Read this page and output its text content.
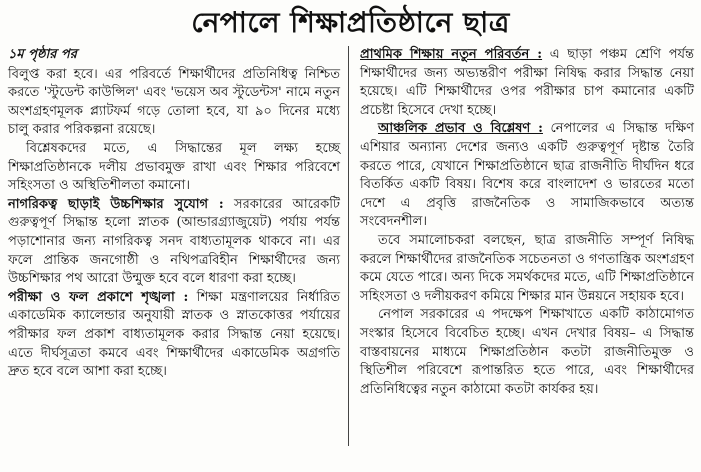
নেপালে শিক্ষাপ্রতিষ্ঠানে ছাত্র
১ম পৃষ্ঠার পর

বিলুপ্ত করা হবে। এর পরিবর্তে শিক্ষার্থীদের প্রতিনিধিত্ব নিশ্চিত করতে 'স্টুডেন্ট কাউন্সিল' এবং 'ভয়েস অব স্টুডেন্টস' নামে নতুন অংশগ্রহণমূলক প্ল্যাটফর্ম গড়ে তোলা হবে, যা ৯০ দিনের মধ্যে চালু করার পরিকল্পনা রয়েছে।

বিশ্লেষকদের মতে, এ সিদ্ধান্তের মূল লক্ষ্য হচ্ছে শিক্ষাপ্রতিষ্ঠানকে দলীয় প্রভাবমুক্ত রাখা এবং শিক্ষার পরিবেশে সহিংসতা ও অস্থিতিশীলতা কমানো।

নাগরিকত্ব ছাড়াই উচ্চশিক্ষার সুযোগ : সরকারের আরেকটি গুরুত্বপূর্ণ সিদ্ধান্ত হলো স্নাতক (আন্ডারগ্র্যাজুয়েট) পর্যায় পর্যন্ত পড়াশোনার জন্য নাগরিকত্ব সনদ বাধ্যতামূলক থাকবে না। এর ফলে প্রান্তিক জনগোষ্ঠী ও নথিপত্রবিহীন শিক্ষার্থীদের জন্য উচ্চশিক্ষার পথ আরো উন্মুক্ত হবে বলে ধারণা করা হচ্ছে।

পরীক্ষা ও ফল প্রকাশে শৃঙ্খলা : শিক্ষা মন্ত্রণালয়ের নির্ধারিত একাডেমিক ক্যালেন্ডার অনুযায়ী স্নাতক ও স্নাতকোত্তর পর্যায়ের পরীক্ষার ফল প্রকাশ বাধ্যতামূলক করার সিদ্ধান্ত নেয়া হয়েছে। এতে দীর্ঘসূত্রতা কমবে এবং শিক্ষার্থীদের একাডেমিক অগ্রগতি দ্রুত হবে বলে আশা করা হচ্ছে।

প্রাথমিক শিক্ষায় নতুন পরিবর্তন : এ ছাড়া পঞ্চম শ্রেণি পর্যন্ত শিক্ষার্থীদের জন্য অভ্যন্তরীণ পরীক্ষা নিষিদ্ধ করার সিদ্ধান্ত নেয়া হয়েছে। এটি শিক্ষার্থীদের ওপর পরীক্ষার চাপ কমানোর একটি প্রচেষ্টা হিসেবে দেখা হচ্ছে।

আঞ্চলিক প্রভাব ও বিশ্লেষণ : নেপালের এ সিদ্ধান্ত দক্ষিণ এশিয়ার অন্যান্য দেশের জন্যও একটি গুরুত্বপূর্ণ দৃষ্টান্ত তৈরি করতে পারে, যেখানে শিক্ষাপ্রতিষ্ঠানে ছাত্র রাজনীতি দীর্ঘদিন ধরে বিতর্কিত একটি বিষয়। বিশেষ করে বাংলাদেশ ও ভারতের মতো দেশে এ প্রবৃত্তি রাজনৈতিক ও সামাজিকভাবে অত্যন্ত সংবেদনশীল।

তবে সমালোচকরা বলছেন, ছাত্র রাজনীতি সম্পূর্ণ নিষিদ্ধ করলে শিক্ষার্থীদের রাজনৈতিক সচেতনতা ও গণতান্ত্রিক অংশগ্রহণ কমে যেতে পারে। অন্য দিকে সমর্থকদের মতে, এটি শিক্ষাপ্রতিষ্ঠানে সহিংসতা ও দলীয়করণ কমিয়ে শিক্ষার মান উন্নয়নে সহায়ক হবে।

নেপাল সরকারের এ পদক্ষেপ শিক্ষাখাতে একটি কাঠামোগত সংস্কার হিসেবে বিবেচিত হচ্ছে। এখন দেখার বিষয়– এ সিদ্ধান্ত বাস্তবায়নের মাধ্যমে শিক্ষাপ্রতিষ্ঠান কতটা রাজনীতিমুক্ত ও স্থিতিশীল পরিবেশে রূপান্তরিত হতে পারে, এবং শিক্ষার্থীদের প্রতিনিধিত্বের নতুন কাঠামো কতটা কার্যকর হয়।
